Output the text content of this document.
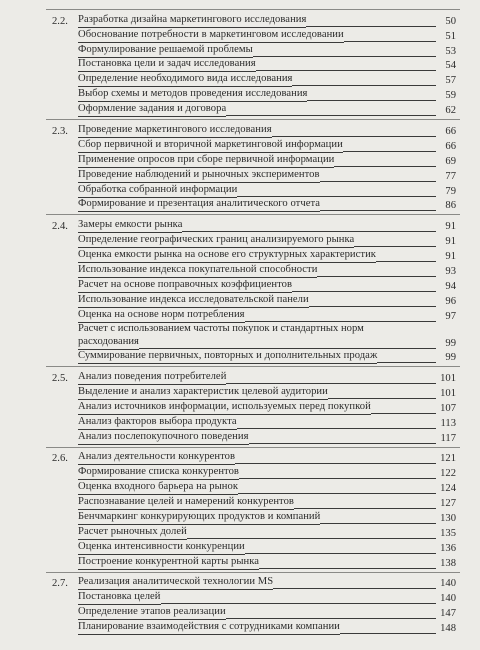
2.2. Разработка дизайна маркетингового исследования	50
Обоснование потребности в маркетинговом исследовании	51
Формулирование решаемой проблемы	53
Постановка цели и задач исследования	54
Определение необходимого вида исследования	57
Выбор схемы и методов проведения исследования	59
Оформление задания и договора	62
2.3. Проведение маркетингового исследования	66
Сбор первичной и вторичной маркетинговой информации	66
Применение опросов при сборе первичной информации	69
Проведение наблюдений и рыночных экспериментов	77
Обработка собранной информации	79
Формирование и презентация аналитического отчета	86
2.4. Замеры емкости рынка	91
Определение географических границ анализируемого рынка	91
Оценка емкости рынка на основе его структурных характеристик	91
Использование индекса покупательной способности	93
Расчет на основе поправочных коэффициентов	94
Использование индекса исследовательской панели	96
Оценка на основе норм потребления	97
Расчет с использованием частоты покупок и стандартных норм
расходования	99
Суммирование первичных, повторных и дополнительных продаж	99
2.5. Анализ поведения потребителей	101
Выделение и анализ характеристик целевой аудитории	101
Анализ источников информации, используемых перед покупкой	107
Анализ факторов выбора продукта	113
Анализ послепокупочного поведения	117
2.6. Анализ деятельности конкурентов	121
Формирование списка конкурентов	122
Оценка входного барьера на рынок	124
Распознавание целей и намерений конкурентов	127
Бенчмаркинг конкурирующих продуктов и компаний	130
Расчет рыночных долей	135
Оценка интенсивности конкуренции	136
Построение конкурентной карты рынка	138
2.7. Реализация аналитической технологии MS	140
Постановка целей	140
Определение этапов реализации	147
Планирование взаимодействия с сотрудниками компании	148
